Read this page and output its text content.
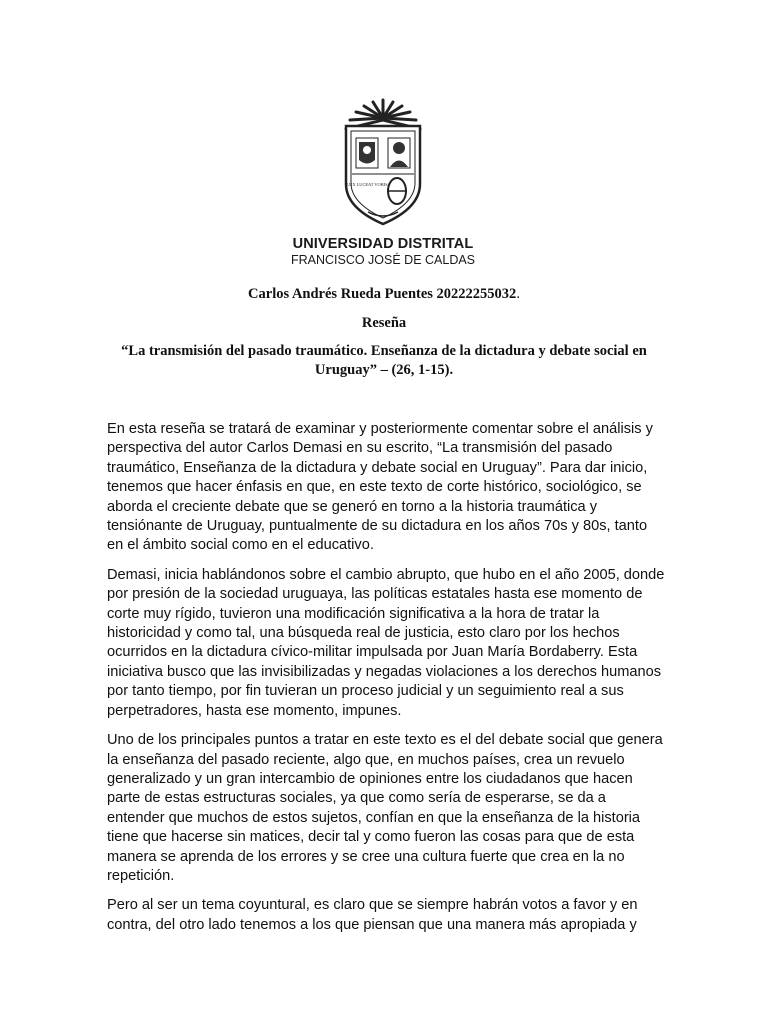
LUX LUCEAT VOBIS
UNIVERSIDAD DISTRITAL
FRANCISCO JOSÉ DE CALDAS
Carlos Andrés Rueda Puentes 20222255032.
Reseña
“La transmisión del pasado traumático. Enseñanza de la dictadura y debate social en Uruguay” – (26, 1-15).

En esta reseña se tratará de examinar y posteriormente comentar sobre el análisis y perspectiva del autor Carlos Demasi en su escrito, “La transmisión del pasado traumático, Enseñanza de la dictadura y debate social en Uruguay”. Para dar inicio, tenemos que hacer énfasis en que, en este texto de corte histórico, sociológico, se aborda el creciente debate que se generó en torno a la historia traumática y tensiónante de Uruguay, puntualmente de su dictadura en los años 70s y 80s, tanto en el ámbito social como en el educativo.

Demasi, inicia hablándonos sobre el cambio abrupto, que hubo en el año 2005, donde por presión de la sociedad uruguaya, las políticas estatales hasta ese momento de corte muy rígido, tuvieron una modificación significativa a la hora de tratar la historicidad y como tal, una búsqueda real de justicia, esto claro por los hechos ocurridos en la dictadura cívico-militar impulsada por Juan María Bordaberry. Esta iniciativa busco que las invisibilizadas y negadas violaciones a los derechos humanos por tanto tiempo, por fin tuvieran un proceso judicial y un seguimiento real a sus perpetradores, hasta ese momento, impunes.

Uno de los principales puntos a tratar en este texto es el del debate social que genera la enseñanza del pasado reciente, algo que, en muchos países, crea un revuelo generalizado y un gran intercambio de opiniones entre los ciudadanos que hacen parte de estas estructuras sociales, ya que como sería de esperarse, se da a entender que muchos de estos sujetos, confían en que la enseñanza de la historia tiene que hacerse sin matices, decir tal y como fueron las cosas para que de esta manera se aprenda de los errores y se cree una cultura fuerte que crea en la no repetición.

Pero al ser un tema coyuntural, es claro que se siempre habrán votos a favor y en contra, del otro lado tenemos a los que piensan que una manera más apropiada y
